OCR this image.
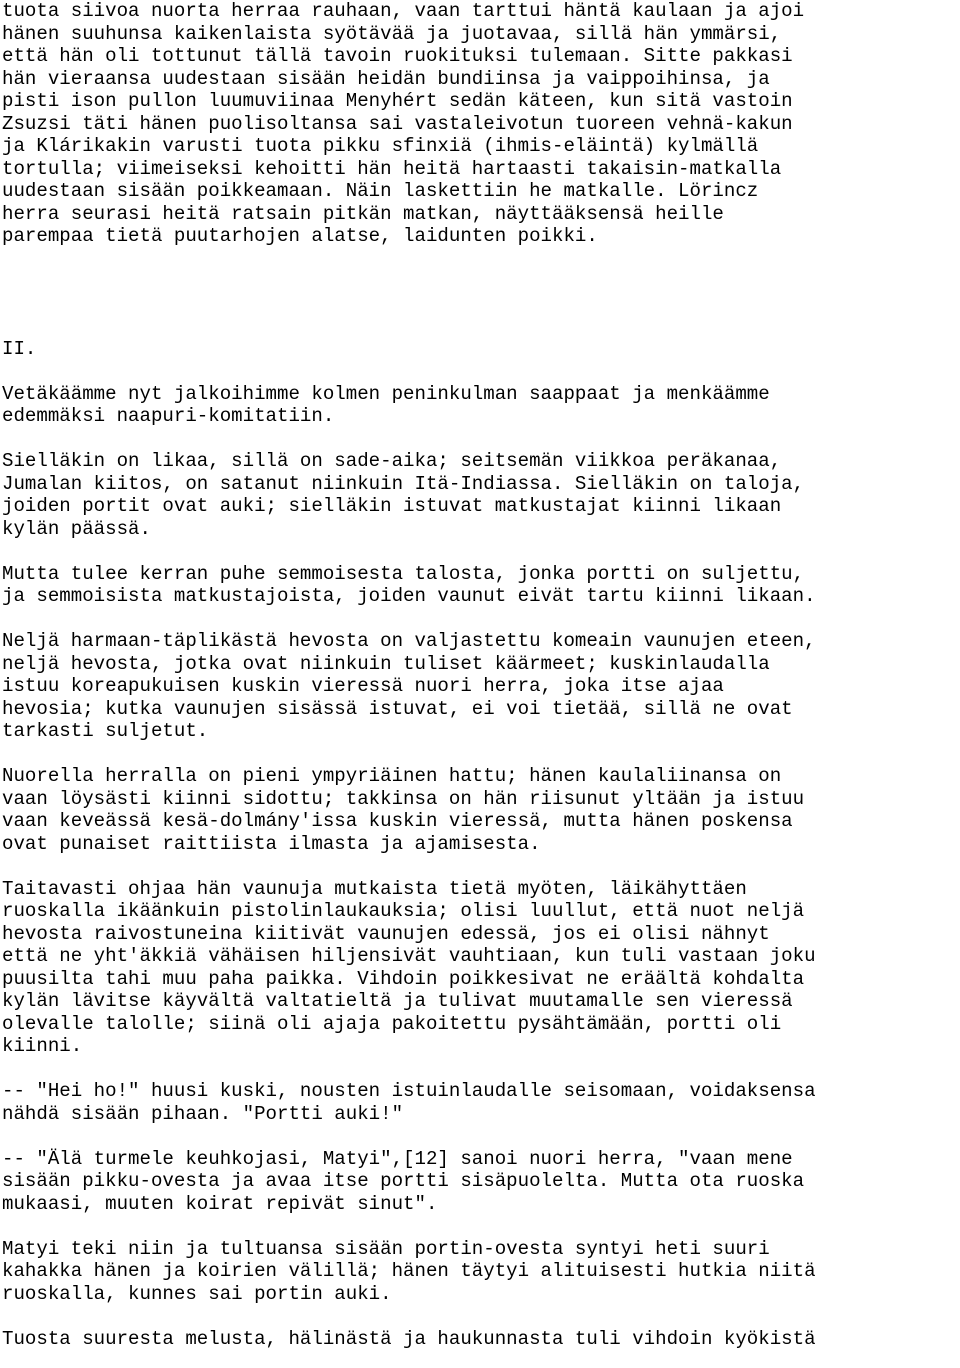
tuota siivoa nuorta herraa rauhaan, vaan tarttui häntä kaulaan ja ajoi
hänen suuhunsa kaikenlaista syötävää ja juotavaa, sillä hän ymmärsi,
että hän oli tottunut tällä tavoin ruokituksi tulemaan. Sitte pakkasi
hän vieraansa uudestaan sisään heidän bundiinsa ja vaippoihinsa, ja
pisti ison pullon luumuviinaa Menyhért sedän käteen, kun sitä vastoin
Zsuzsi täti hänen puolisoltansa sai vastaleivotun tuoreen vehnä-kakun
ja Klárikakin varusti tuota pikku sfinxiä (ihmis-eläintä) kylmällä
tortulla; viimeiseksi kehoitti hän heitä hartaasti takaisin-matkalla
uudestaan sisään poikkeamaan. Näin laskettiin he matkalle. Lörincz
herra seurasi heitä ratsain pitkän matkan, näyttääksensä heille
parempaa tietä puutarhojen alatse, laidunten poikki.
II.
Vetäkäämme nyt jalkoihimme kolmen peninkulman saappaat ja menkäämme
edemmäksi naapuri-komitatiin.
Sielläkin on likaa, sillä on sade-aika; seitsemän viikkoa peräkanaa,
Jumalan kiitos, on satanut niinkuin Itä-Indiassa. Sielläkin on taloja,
joiden portit ovat auki; sielläkin istuvat matkustajat kiinni likaan
kylän päässä.
Mutta tulee kerran puhe semmoisesta talosta, jonka portti on suljettu,
ja semmoisista matkustajoista, joiden vaunut eivät tartu kiinni likaan.
Neljä harmaan-täplikästä hevosta on valjastettu komeain vaunujen eteen,
neljä hevosta, jotka ovat niinkuin tuliset käärmeet; kuskinlaudalla
istuu koreapukuisen kuskin vieressä nuori herra, joka itse ajaa
hevosia; kutka vaunujen sisässä istuvat, ei voi tietää, sillä ne ovat
tarkasti suljetut.
Nuorella herralla on pieni ympyriäinen hattu; hänen kaulaliinansa on
vaan löysästi kiinni sidottu; takkinsa on hän riisunut yltään ja istuu
vaan keveässä kesä-dolmány'issa kuskin vieressä, mutta hänen poskensa
ovat punaiset raittiista ilmasta ja ajamisesta.
Taitavasti ohjaa hän vaunuja mutkaista tietä myöten, läikähyttäen
ruoskalla ikäänkuin pistolinlaukauksia; olisi luullut, että nuot neljä
hevosta raivostuneina kiitivät vaunujen edessä, jos ei olisi nähnyt
että ne yht'äkkiä vähäisen hiljensivät vauhtiaan, kun tuli vastaan joku
puusilta tahi muu paha paikka. Vihdoin poikkesivat ne eräältä kohdalta
kylän lävitse käyvältä valtatieltä ja tulivat muutamalle sen vieressä
olevalle talolle; siinä oli ajaja pakoitettu pysähtämään, portti oli
kiinni.
-- "Hei ho!" huusi kuski, nousten istuinlaudalle seisomaan, voidaksensa
nähdä sisään pihaan. "Portti auki!"
-- "Älä turmele keuhkojasi, Matyi",[12] sanoi nuori herra, "vaan mene
sisään pikku-ovesta ja avaa itse portti sisäpuolelta. Mutta ota ruoska
mukaasi, muuten koirat repivät sinut".
Matyi teki niin ja tultuansa sisään portin-ovesta syntyi heti suuri
kahakka hänen ja koirien välillä; hänen täytyi alituisesti hutkia niitä
ruoskalla, kunnes sai portin auki.
Tuosta suuresta melusta, hälinästä ja haukunnasta tuli vihdoin kyökistä
